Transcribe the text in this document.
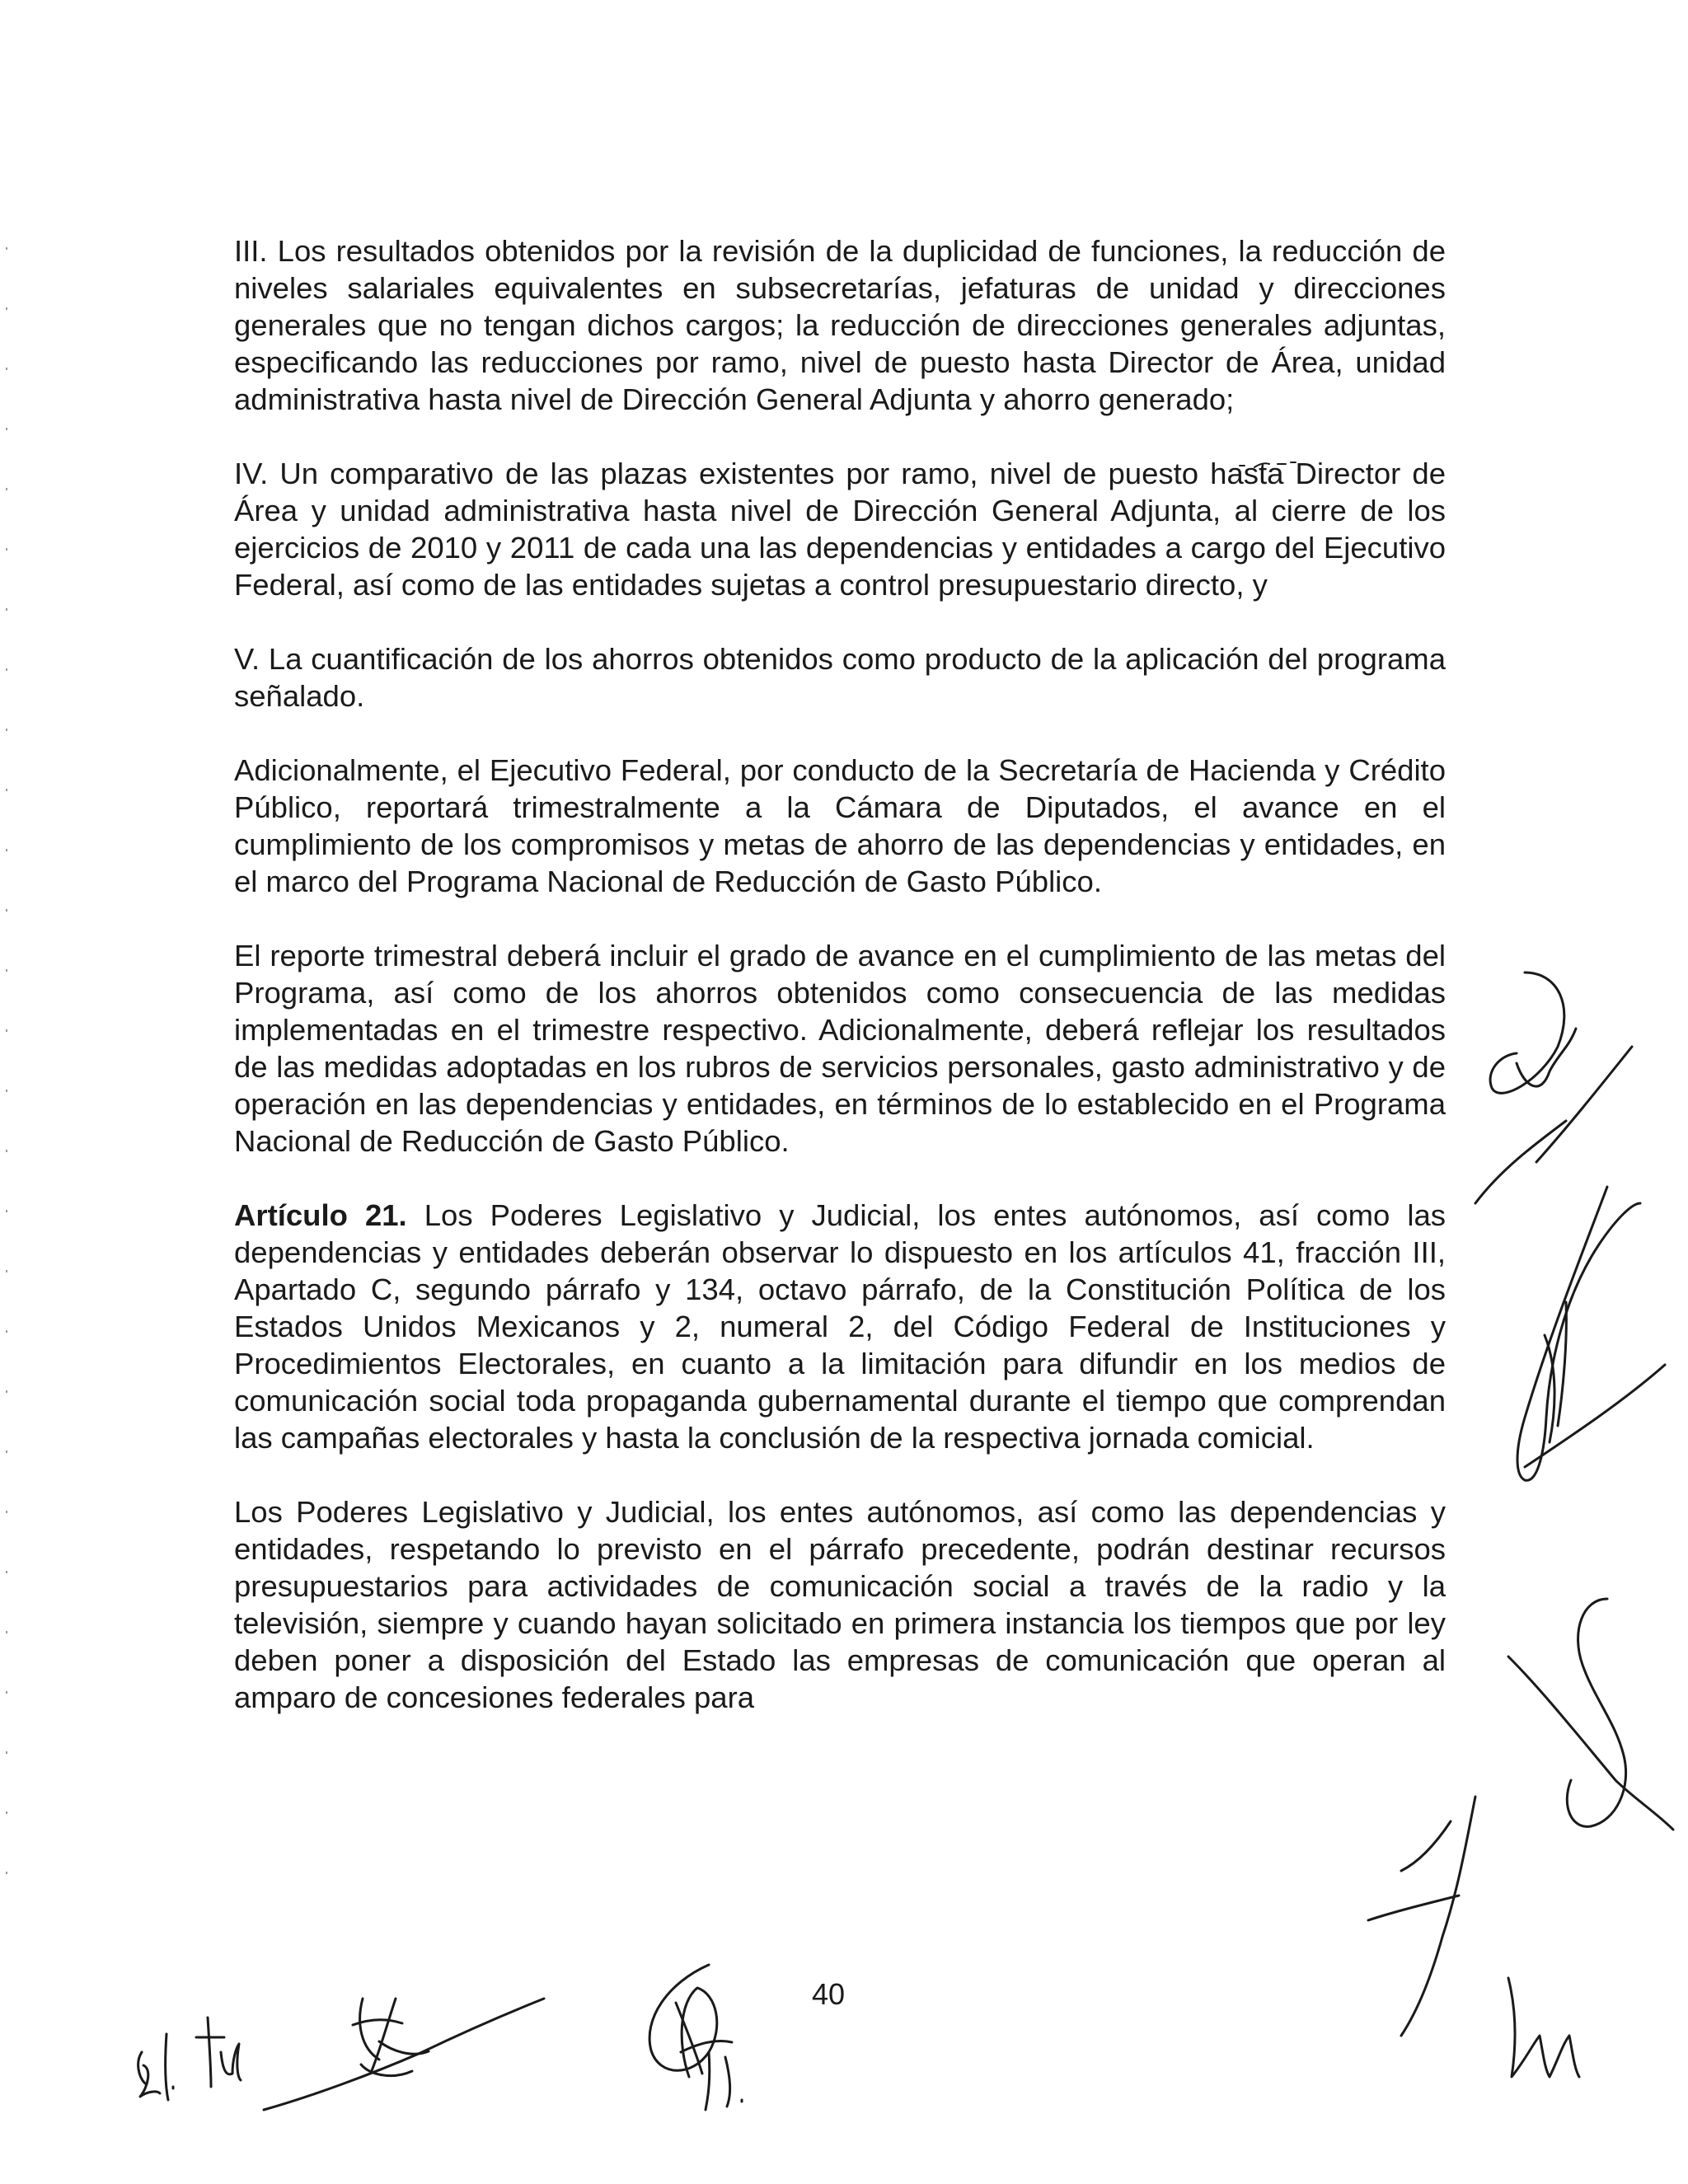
III. Los resultados obtenidos por la revisión de la duplicidad de funciones, la reducción de niveles salariales equivalentes en subsecretarías, jefaturas de unidad y direcciones generales que no tengan dichos cargos; la reducción de direcciones generales adjuntas, especificando las reducciones por ramo, nivel de puesto hasta Director de Área, unidad administrativa hasta nivel de Dirección General Adjunta y ahorro generado;

IV. Un comparativo de las plazas existentes por ramo, nivel de puesto hasta Director de Área y unidad administrativa hasta nivel de Dirección General Adjunta, al cierre de los ejercicios de 2010 y 2011 de cada una las dependencias y entidades a cargo del Ejecutivo Federal, así como de las entidades sujetas a control presupuestario directo, y

V. La cuantificación de los ahorros obtenidos como producto de la aplicación del programa señalado.

Adicionalmente, el Ejecutivo Federal, por conducto de la Secretaría de Hacienda y Crédito Público, reportará trimestralmente a la Cámara de Diputados, el avance en el cumplimiento de los compromisos y metas de ahorro de las dependencias y entidades, en el marco del Programa Nacional de Reducción de Gasto Público.

El reporte trimestral deberá incluir el grado de avance en el cumplimiento de las metas del Programa, así como de los ahorros obtenidos como consecuencia de las medidas implementadas en el trimestre respectivo. Adicionalmente, deberá reflejar los resultados de las medidas adoptadas en los rubros de servicios personales, gasto administrativo y de operación en las dependencias y entidades, en términos de lo establecido en el Programa Nacional de Reducción de Gasto Público.

Artículo 21. Los Poderes Legislativo y Judicial, los entes autónomos, así como las dependencias y entidades deberán observar lo dispuesto en los artículos 41, fracción III, Apartado C, segundo párrafo y 134, octavo párrafo, de la Constitución Política de los Estados Unidos Mexicanos y 2, numeral 2, del Código Federal de Instituciones y Procedimientos Electorales, en cuanto a la limitación para difundir en los medios de comunicación social toda propaganda gubernamental durante el tiempo que comprendan las campañas electorales y hasta la conclusión de la respectiva jornada comicial.

Los Poderes Legislativo y Judicial, los entes autónomos, así como las dependencias y entidades, respetando lo previsto en el párrafo precedente, podrán destinar recursos presupuestarios para actividades de comunicación social a través de la radio y la televisión, siempre y cuando hayan solicitado en primera instancia los tiempos que por ley deben poner a disposición del Estado las empresas de comunicación que operan al amparo de concesiones federales para

40
